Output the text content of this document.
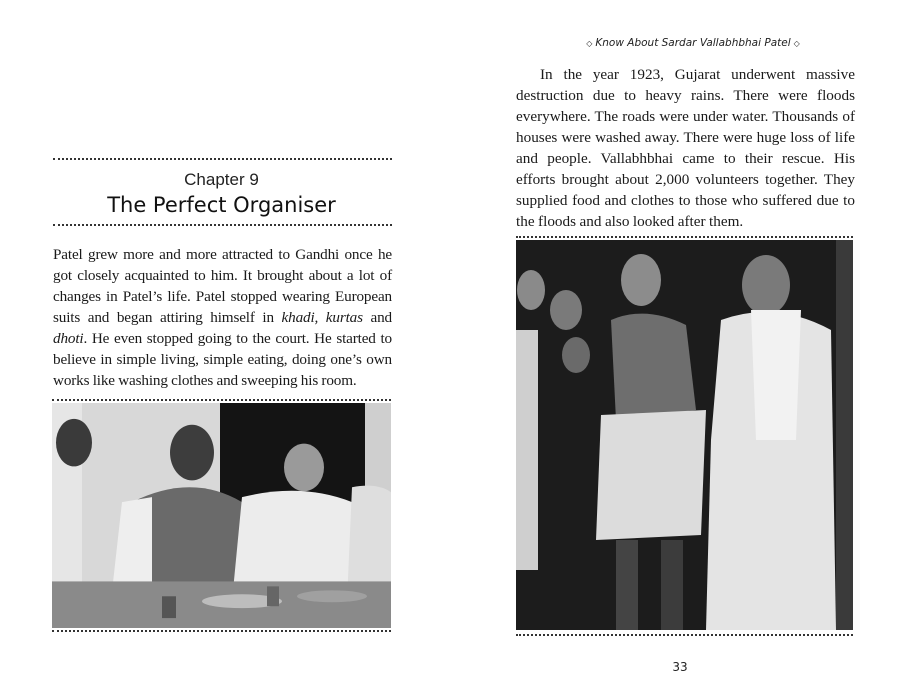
Chapter 9
The Perfect Organiser

Patel grew more and more attracted to Gandhi once he got closely acquainted to him. It brought about a lot of changes in Patel’s life. Patel stopped wearing European suits and began attiring himself in khadi, kurtas and dhoti. He even stopped going to the court. He started to believe in simple living, simple eating, doing one’s own works like washing clothes and sweeping his room.

◇ Know About Sardar Vallabhbhai Patel ◇

In the year 1923, Gujarat underwent massive destruction due to heavy rains. There were floods everywhere. The roads were under water. Thousands of houses were washed away. There were huge loss of life and people. Vallabhbhai came to their rescue. His efforts brought about 2,000 volunteers together. They supplied food and clothes to those who suffered due to the floods and also looked after them.

33
